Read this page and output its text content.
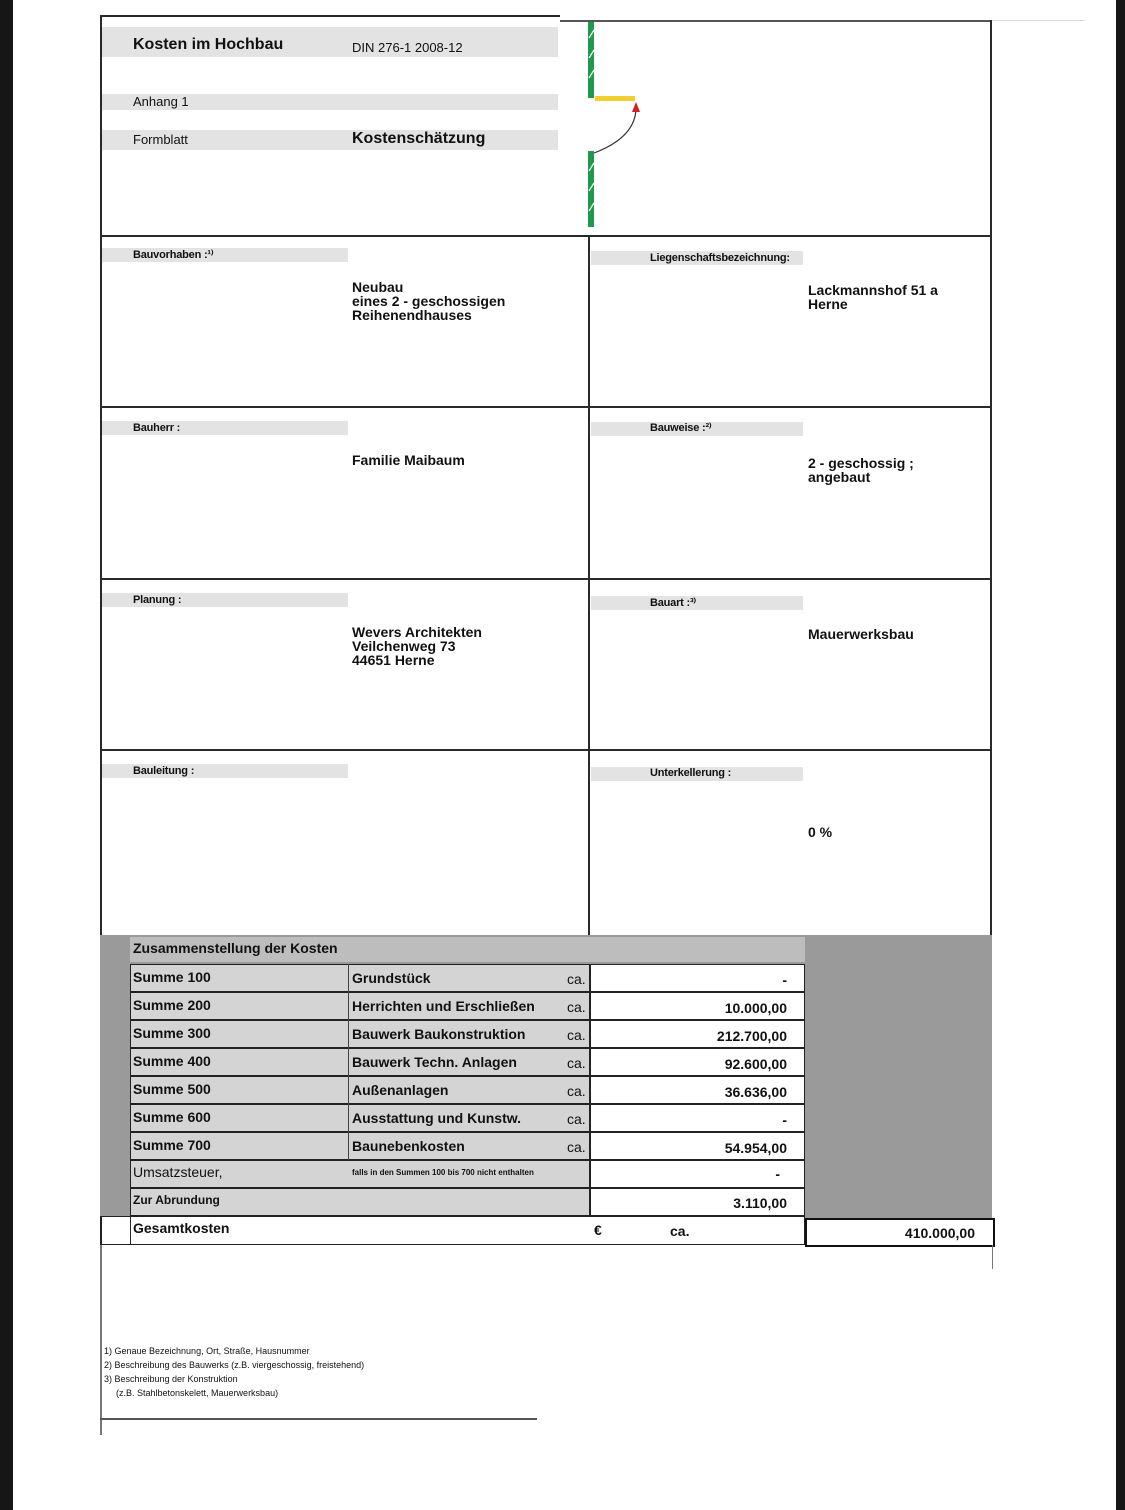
Kosten im Hochbau	DIN 276-1 2008-12
Anhang 1
Formblatt	Kostenschätzung
Bauvorhaben :¹⁾
Neubau
eines 2 - geschossigen
Reihenendhauses
Liegenschaftsbezeichnung:
Lackmannshof 51 a
Herne
Bauherr :
Familie Maibaum
Bauweise :²⁾
2 - geschossig ;
angebaut
Planung :
Wevers Architekten
Veilchenweg 73
44651 Herne
Bauart :³⁾
Mauerwerksbau
Bauleitung :	Unterkellerung :
0 %
Zusammenstellung der Kosten
Summe 100	Grundstück	ca.	-
Summe 200	Herrichten und Erschließen ca.	10.000,00
Summe 300	Bauwerk Baukonstruktion	ca.	212.700,00
Summe 400	Bauwerk Techn. Anlagen	ca.	92.600,00
Summe 500	Außenanlagen	ca.	36.636,00
Summe 600	Ausstattung und Kunstw.	ca.	-
Summe 700	Baunebenkosten	ca.	54.954,00
Umsatzsteuer,	falls in den Summen 100 bis 700 nicht enthalten	-
Zur Abrundung	3.110,00
Gesamtkosten	€	ca.	410.000,00
1) Genaue Bezeichnung, Ort, Straße, Hausnummer
2) Beschreibung des Bauwerks (z.B. viergeschossig, freistehend)
3) Beschreibung der Konstruktion
(z.B. Stahlbetonskelett, Mauerwerksbau)
